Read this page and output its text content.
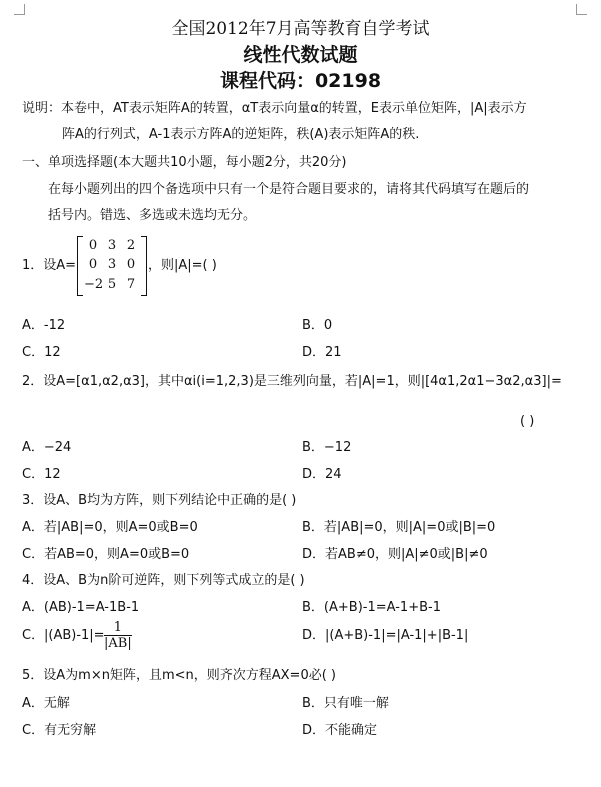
全国2012年7月高等教育自学考试
线性代数试题
课程代码：02198
说明：本卷中，AT表示矩阵A的转置，αT表示向量α的转置，E表示单位矩阵，|A|表示方
阵A的行列式，A-1表示方阵A的逆矩阵，秩(A)表示矩阵A的秩.
一、单项选择题(本大题共10小题，每小题2分，共20分)
在每小题列出的四个备选项中只有一个是符合题目要求的，请将其代码填写在题后的
括号内。错选、多选或未选均无分。
1．设A=
0 3 2
0 3 0
−2 5 7
，则|A|=( )
A．-12	B．0
C．12	D．21
2．设A=[α1,α2,α3]，其中αi(i=1,2,3)是三维列向量，若|A|=1，则|[4α1,2α1−3α2,α3]|=
( )
A．−24	B．−12
C．12	D．24
3．设A、B均为方阵，则下列结论中正确的是( )
A．若|AB|=0，则A=0或B=0	B．若|AB|=0，则|A|=0或|B|=0
C．若AB=0，则A=0或B=0	D．若AB≠0，则|A|≠0或|B|≠0
4．设A、B为n阶可逆阵，则下列等式成立的是( )
A．(AB)-1=A-1B-1	B．(A+B)-1=A-1+B-1
C． $|(AB)-1|= \frac{1}{|AB|}$	D．|(A+B)-1|=|A-1|+|B-1|
5．设A为m×n矩阵，且m<n，则齐次方程AX=0必( )
A．无解	B．只有唯一解
C．有无穷解	D．不能确定
